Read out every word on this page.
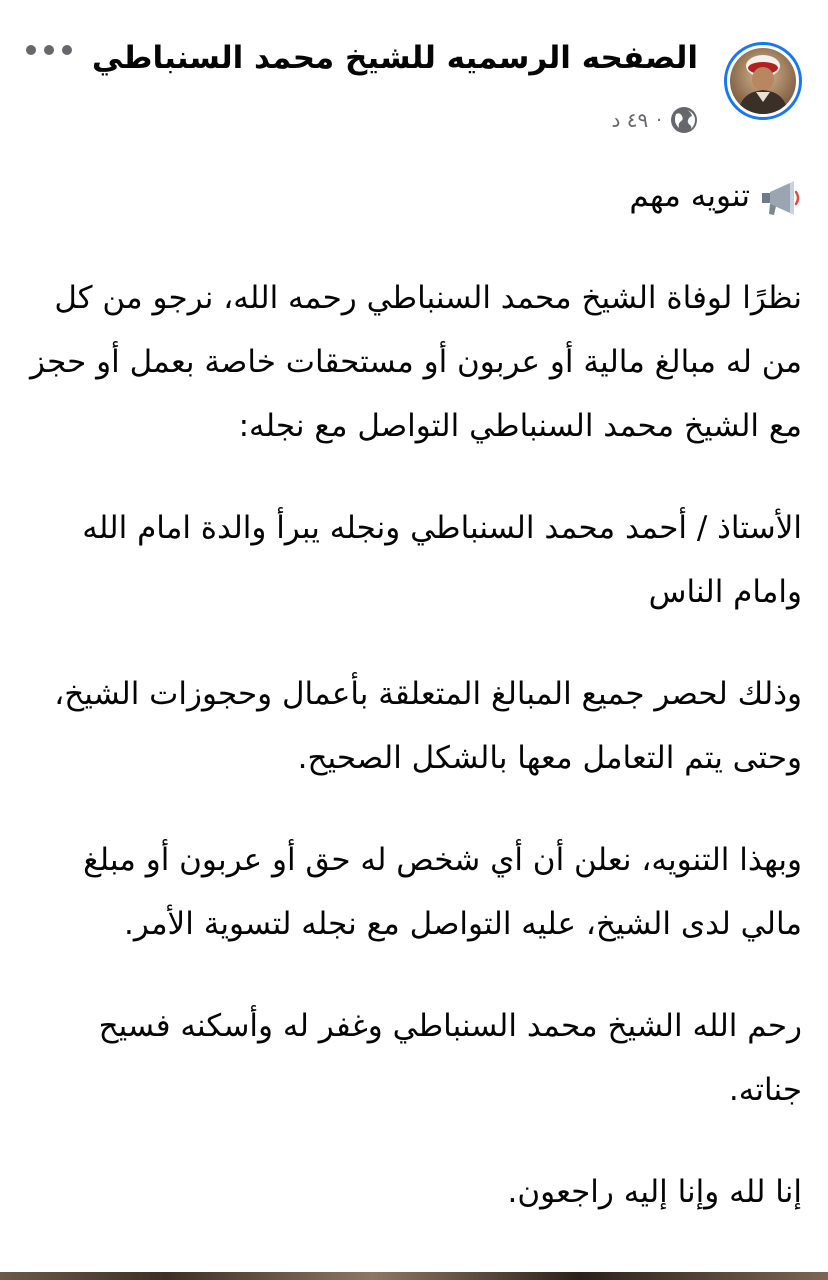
الصفحه الرسميه للشيخ محمد السنباطي
٤٩ د ·

تنويه مهم

نظرًا لوفاة الشيخ محمد السنباطي رحمه الله، نرجو من كل من له مبالغ مالية أو عربون أو مستحقات خاصة بعمل أو حجز مع الشيخ محمد السنباطي التواصل مع نجله:

الأستاذ / أحمد محمد السنباطي ونجله يبرأ والدة امام الله وامام الناس

وذلك لحصر جميع المبالغ المتعلقة بأعمال وحجوزات الشيخ، وحتى يتم التعامل معها بالشكل الصحيح.

وبهذا التنويه، نعلن أن أي شخص له حق أو عربون أو مبلغ مالي لدى الشيخ، عليه التواصل مع نجله لتسوية الأمر.

رحم الله الشيخ محمد السنباطي وغفر له وأسكنه فسيح جناته.

إنا لله وإنا إليه راجعون.
